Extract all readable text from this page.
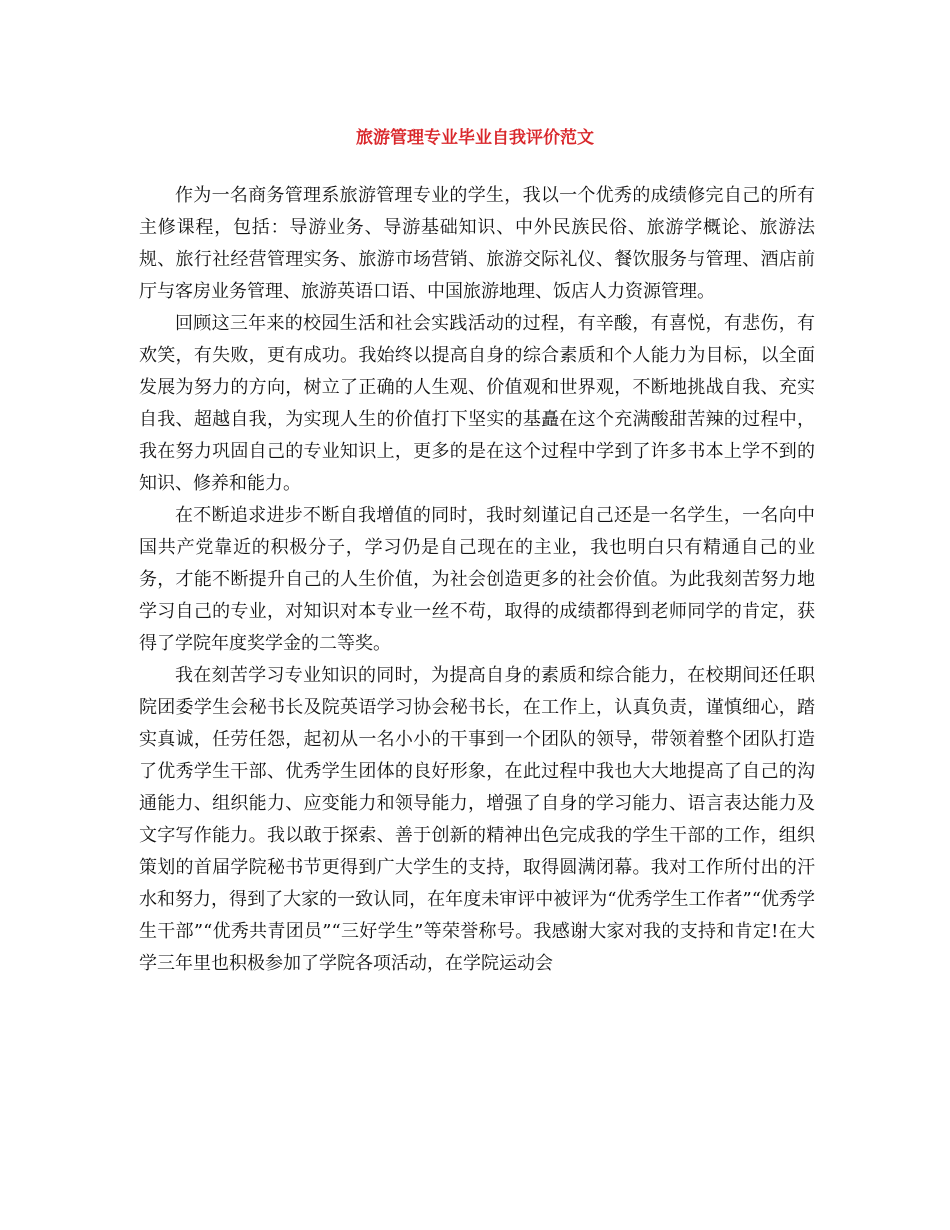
旅游管理专业毕业自我评价范文

作为一名商务管理系旅游管理专业的学生，我以一个优秀的成绩修完自己的所有主修课程，包括：导游业务、导游基础知识、中外民族民俗、旅游学概论、旅游法规、旅行社经营管理实务、旅游市场营销、旅游交际礼仪、餐饮服务与管理、酒店前厅与客房业务管理、旅游英语口语、中国旅游地理、饭店人力资源管理。

回顾这三年来的校园生活和社会实践活动的过程，有辛酸，有喜悦，有悲伤，有欢笑，有失败，更有成功。我始终以提高自身的综合素质和个人能力为目标，以全面发展为努力的方向，树立了正确的人生观、价值观和世界观，不断地挑战自我、充实自我、超越自我，为实现人生的价值打下坚实的基矗在这个充满酸甜苦辣的过程中，我在努力巩固自己的专业知识上，更多的是在这个过程中学到了许多书本上学不到的知识、修养和能力。

在不断追求进步不断自我增值的同时，我时刻谨记自己还是一名学生，一名向中国共产党靠近的积极分子，学习仍是自己现在的主业，我也明白只有精通自己的业务，才能不断提升自己的人生价值，为社会创造更多的社会价值。为此我刻苦努力地学习自己的专业，对知识对本专业一丝不苟，取得的成绩都得到老师同学的肯定，获得了学院年度奖学金的二等奖。

我在刻苦学习专业知识的同时，为提高自身的素质和综合能力，在校期间还任职院团委学生会秘书长及院英语学习协会秘书长，在工作上，认真负责，谨慎细心，踏实真诚，任劳任怨，起初从一名小小的干事到一个团队的领导，带领着整个团队打造了优秀学生干部、优秀学生团体的良好形象，在此过程中我也大大地提高了自己的沟通能力、组织能力、应变能力和领导能力，增强了自身的学习能力、语言表达能力及文字写作能力。我以敢于探索、善于创新的精神出色完成我的学生干部的工作，组织策划的首届学院秘书节更得到广大学生的支持，取得圆满闭幕。我对工作所付出的汗水和努力，得到了大家的一致认同，在年度未审评中被评为“优秀学生工作者”“优秀学生干部”“优秀共青团员”“三好学生”等荣誉称号。我感谢大家对我的支持和肯定!在大学三年里也积极参加了学院各项活动，在学院运动会
